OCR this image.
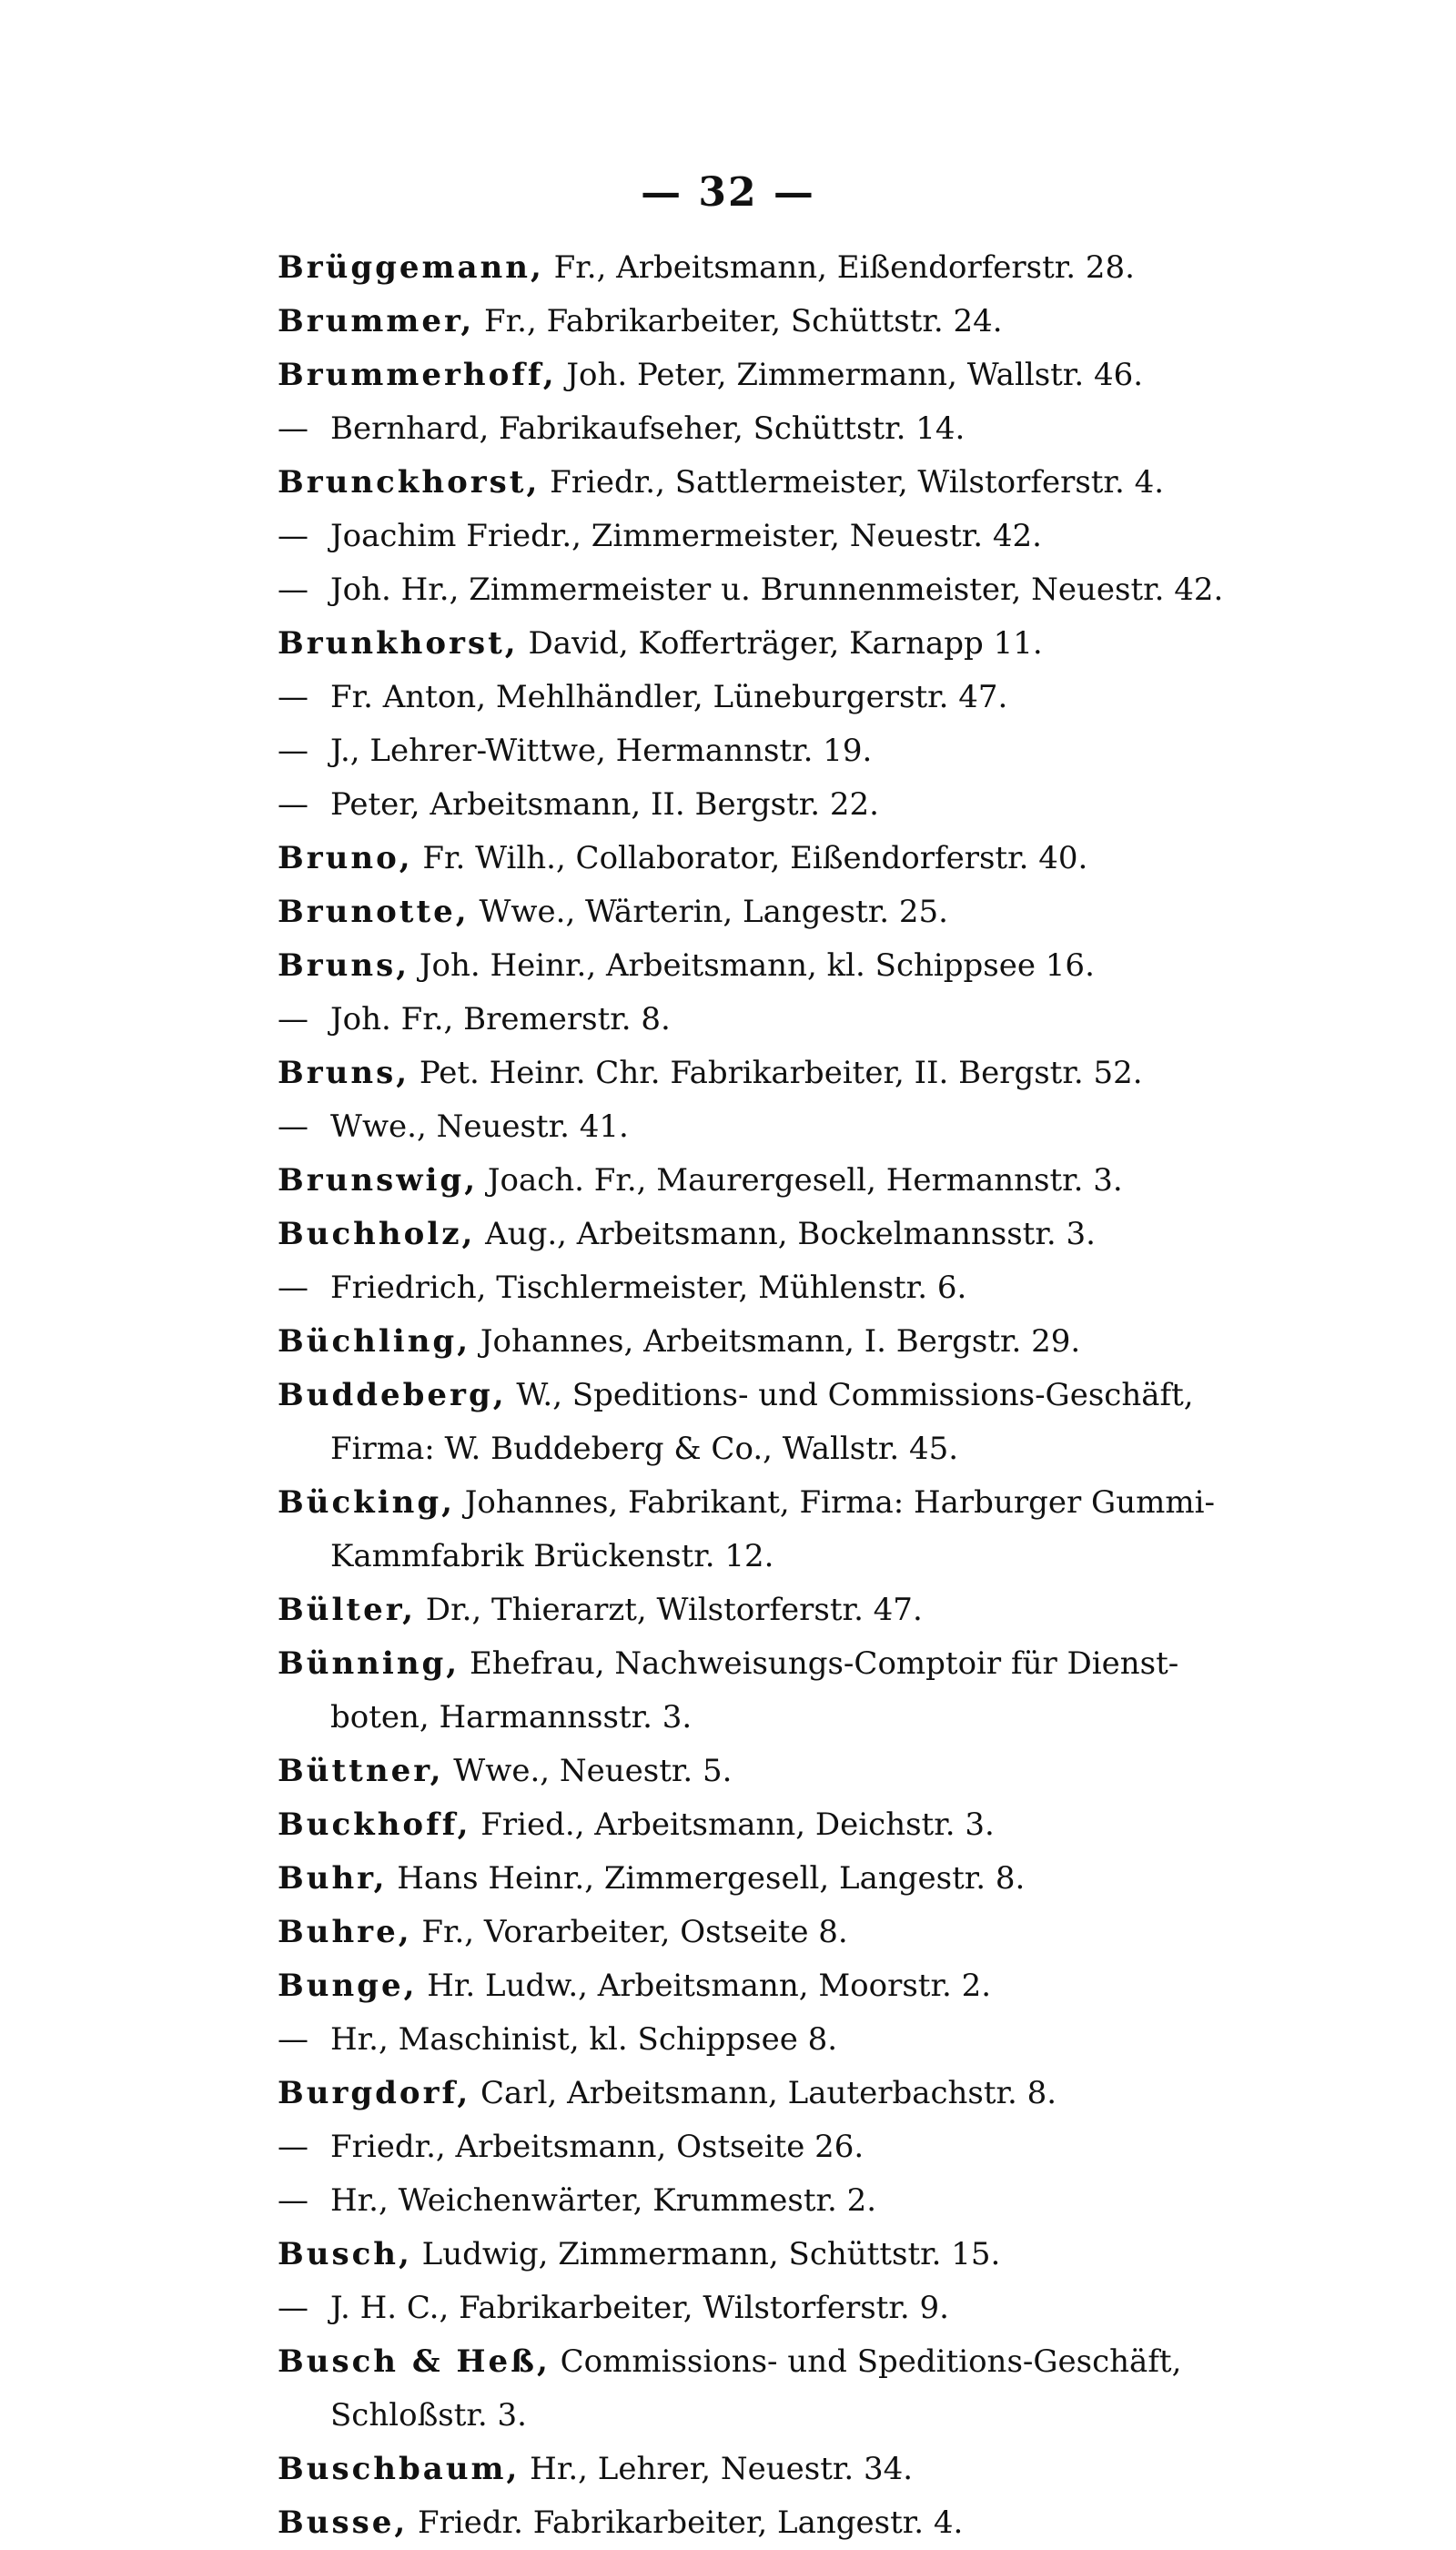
— 32 —
Brüggemann, Fr., Arbeitsmann, Eißendorferstr. 28.
Brummer, Fr., Fabrikarbeiter, Schüttstr. 24.
Brummerhoff, Joh. Peter, Zimmermann, Wallstr. 46.
— Bernhard, Fabrikaufseher, Schüttstr. 14.
Brunckhorst, Friedr., Sattlermeister, Wilstorferstr. 4.
— Joachim Friedr., Zimmermeister, Neuestr. 42.
— Joh. Hr., Zimmermeister u. Brunnenmeister, Neuestr. 42.
Brunkhorst, David, Kofferträger, Karnapp 11.
— Fr. Anton, Mehlhändler, Lüneburgerstr. 47.
— J., Lehrer-Wittwe, Hermannstr. 19.
— Peter, Arbeitsmann, II. Bergstr. 22.
Bruno, Fr. Wilh., Collaborator, Eißendorferstr. 40.
Brunotte, Wwe., Wärterin, Langestr. 25.
Bruns, Joh. Heinr., Arbeitsmann, kl. Schippsee 16.
— Joh. Fr., Bremerstr. 8.
Bruns, Pet. Heinr. Chr. Fabrikarbeiter, II. Bergstr. 52.
— Wwe., Neuestr. 41.
Brunswig, Joach. Fr., Maurergesell, Hermannstr. 3.
Buchholz, Aug., Arbeitsmann, Bockelmannsstr. 3.
— Friedrich, Tischlermeister, Mühlenstr. 6.
Büchling, Johannes, Arbeitsmann, I. Bergstr. 29.
Buddeberg, W., Speditions- und Commissions-Geschäft,
Firma: W. Buddeberg & Co., Wallstr. 45.
Bücking, Johannes, Fabrikant, Firma: Harburger Gummi-
Kammfabrik Brückenstr. 12.
Bülter, Dr., Thierarzt, Wilstorferstr. 47.
Bünning, Ehefrau, Nachweisungs-Comptoir für Dienst-
boten, Harmannsstr. 3.
Büttner, Wwe., Neuestr. 5.
Buckhoff, Fried., Arbeitsmann, Deichstr. 3.
Buhr, Hans Heinr., Zimmergesell, Langestr. 8.
Buhre, Fr., Vorarbeiter, Ostseite 8.
Bunge, Hr. Ludw., Arbeitsmann, Moorstr. 2.
— Hr., Maschinist, kl. Schippsee 8.
Burgdorf, Carl, Arbeitsmann, Lauterbachstr. 8.
— Friedr., Arbeitsmann, Ostseite 26.
— Hr., Weichenwärter, Krummestr. 2.
Busch, Ludwig, Zimmermann, Schüttstr. 15.
— J. H. C., Fabrikarbeiter, Wilstorferstr. 9.
Busch & Heß, Commissions- und Speditions-Geschäft,
Schloßstr. 3.
Buschbaum, Hr., Lehrer, Neuestr. 34.
Busse, Friedr. Fabrikarbeiter, Langestr. 4.
